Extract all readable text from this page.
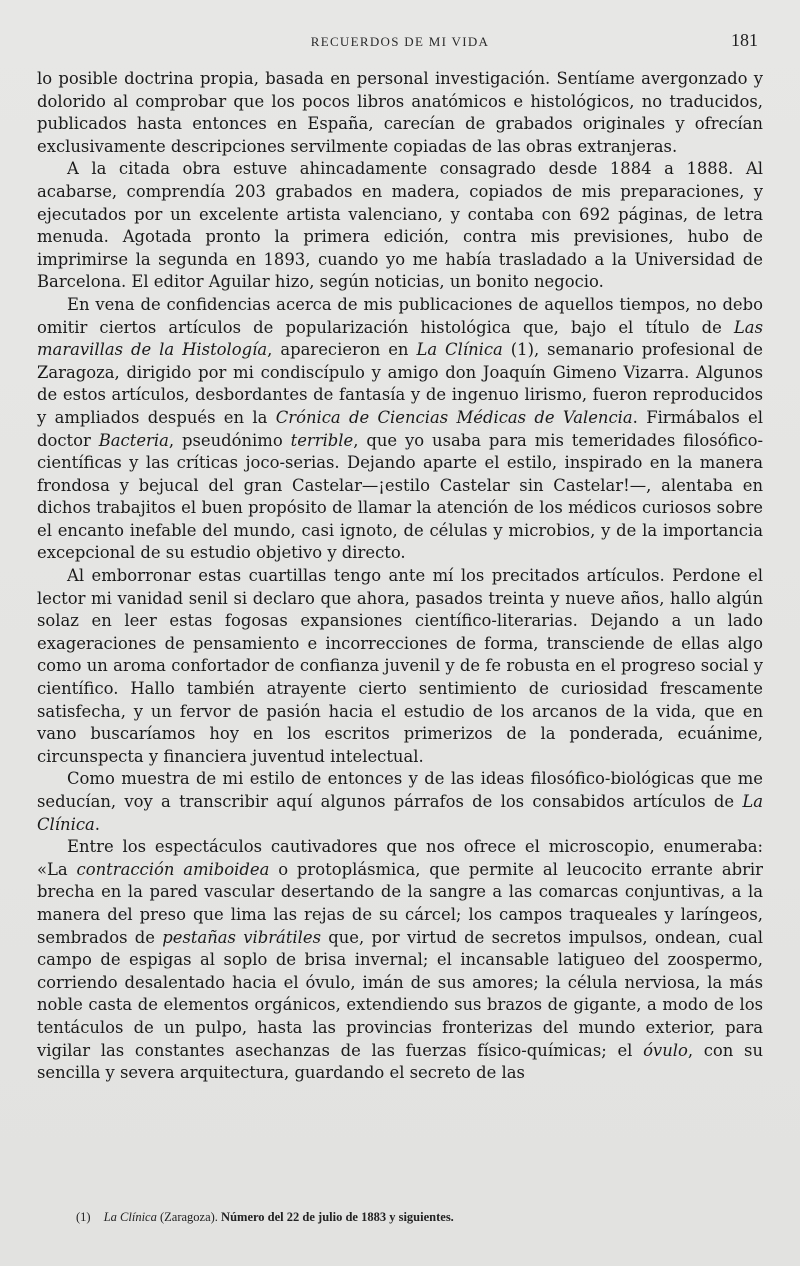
RECUERDOS DE MI VIDA	181

lo posible doctrina propia, basada en personal investigación. Sentíame avergonzado y dolorido al comprobar que los pocos libros anatómicos e histológicos, no traducidos, publicados hasta entonces en España, carecían de grabados originales y ofrecían exclusivamente descripciones servilmente copiadas de las obras extranjeras.

A la citada obra estuve ahincadamente consagrado desde 1884 a 1888. Al acabarse, comprendía 203 grabados en madera, copiados de mis preparaciones, y ejecutados por un excelente artista valenciano, y contaba con 692 páginas, de letra menuda. Agotada pronto la primera edición, contra mis previsiones, hubo de imprimirse la segunda en 1893, cuando yo me había trasladado a la Universidad de Barcelona. El editor Aguilar hizo, según noticias, un bonito negocio.

En vena de confidencias acerca de mis publicaciones de aquellos tiempos, no debo omitir ciertos artículos de popularización histológica que, bajo el título de Las maravillas de la Histología, aparecieron en La Clínica (1), semanario profesional de Zaragoza, dirigido por mi condiscípulo y amigo don Joaquín Gimeno Vizarra. Algunos de estos artículos, desbordantes de fantasía y de ingenuo lirismo, fueron reproducidos y ampliados después en la Crónica de Ciencias Médicas de Valencia. Firmábalos el doctor Bacteria, pseudónimo terrible, que yo usaba para mis temeridades filosófico-científicas y las críticas joco-serias. Dejando aparte el estilo, inspirado en la manera frondosa y bejucal del gran Castelar—¡estilo Castelar sin Castelar!—, alentaba en dichos trabajitos el buen propósito de llamar la atención de los médicos curiosos sobre el encanto inefable del mundo, casi ignoto, de células y microbios, y de la importancia excepcional de su estudio objetivo y directo.

Al emborronar estas cuartillas tengo ante mí los precitados artículos. Perdone el lector mi vanidad senil si declaro que ahora, pasados treinta y nueve años, hallo algún solaz en leer estas fogosas expansiones científico-literarias. Dejando a un lado exageraciones de pensamiento e incorrecciones de forma, transciende de ellas algo como un aroma confortador de confianza juvenil y de fe robusta en el progreso social y científico. Hallo también atrayente cierto sentimiento de curiosidad frescamente satisfecha, y un fervor de pasión hacia el estudio de los arcanos de la vida, que en vano buscaríamos hoy en los escritos primerizos de la ponderada, ecuánime, circunspecta y financiera juventud intelectual.

Como muestra de mi estilo de entonces y de las ideas filosófico-biológicas que me seducían, voy a transcribir aquí algunos párrafos de los consabidos artículos de La Clínica.

Entre los espectáculos cautivadores que nos ofrece el microscopio, enumeraba: «La contracción amiboidea o protoplásmica, que permite al leucocito errante abrir brecha en la pared vascular desertando de la sangre a las comarcas conjuntivas, a la manera del preso que lima las rejas de su cárcel; los campos traqueales y laríngeos, sembrados de pestañas vibrátiles que, por virtud de secretos impulsos, ondean, cual campo de espigas al soplo de brisa invernal; el incansable latigueo del zoospermo, corriendo desalentado hacia el óvulo, imán de sus amores; la célula nerviosa, la más noble casta de elementos orgánicos, extendiendo sus brazos de gigante, a modo de los tentáculos de un pulpo, hasta las provincias fronterizas del mundo exterior, para vigilar las constantes asechanzas de las fuerzas físico-químicas; el óvulo, con su sencilla y severa arquitectura, guardando el secreto de las

(1) La Clínica (Zaragoza). Número del 22 de julio de 1883 y siguientes.
